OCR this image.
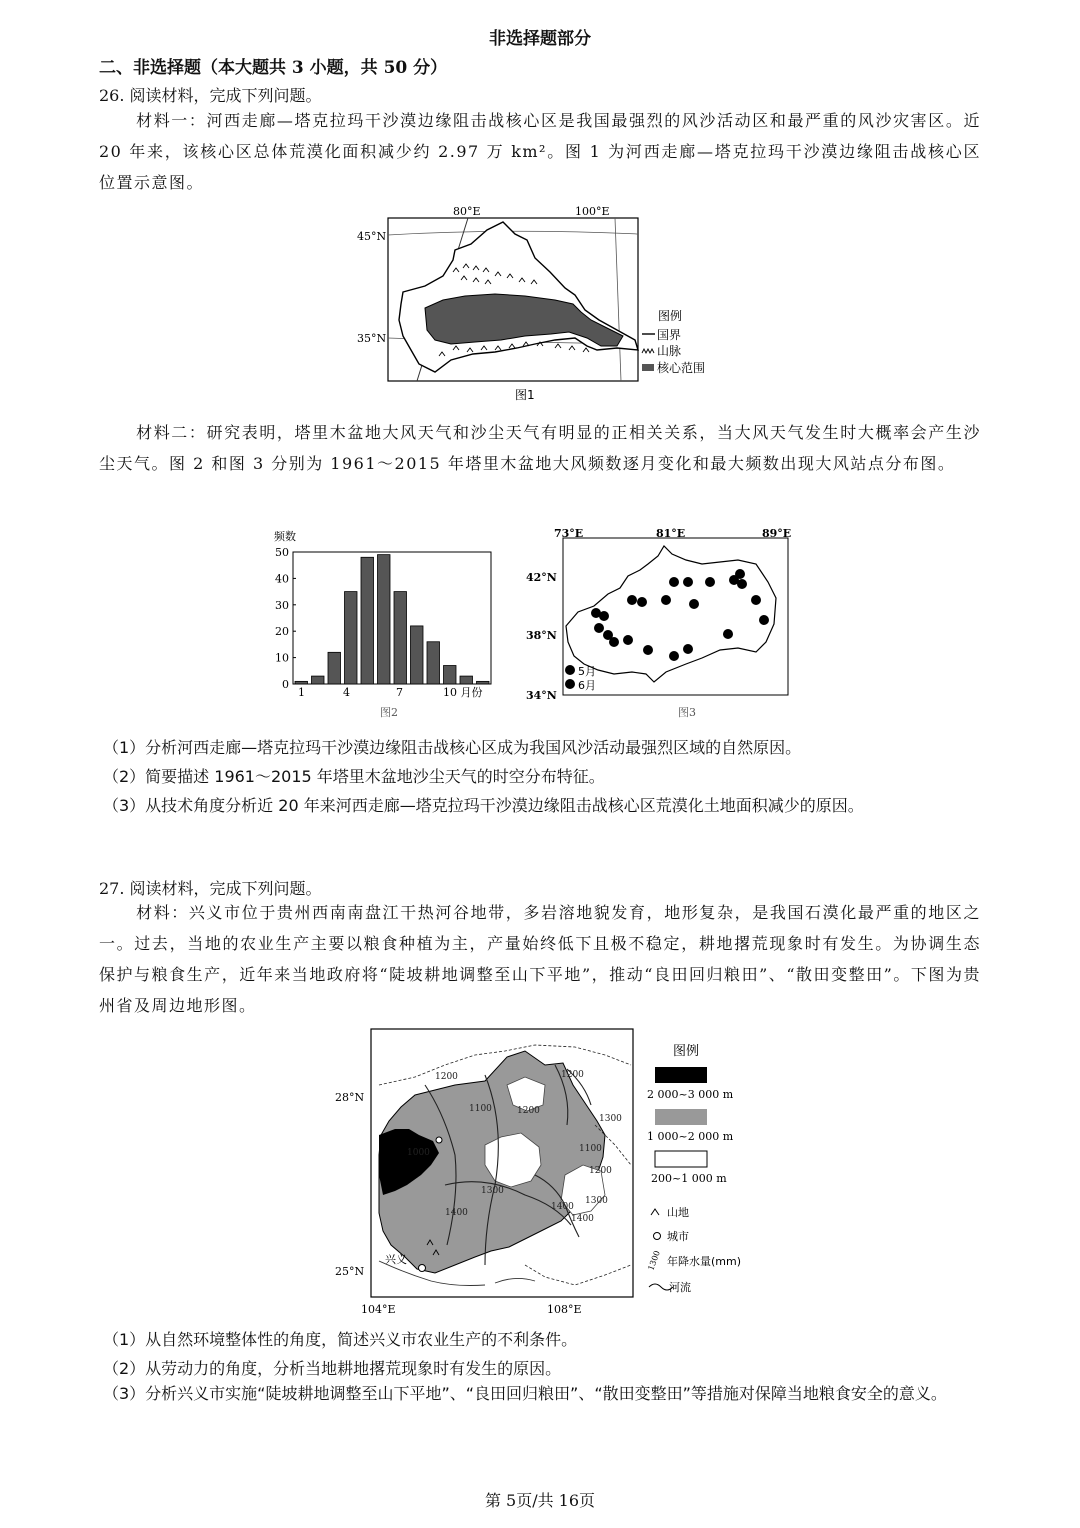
非选择题部分
二、非选择题（本大题共 3 小题，共 50 分）
26. 阅读材料，完成下列问题。
材料一：河西走廊—塔克拉玛干沙漠边缘阻击战核心区是我国最强烈的风沙活动区和最严重的风沙灾害区。近 20 年来，该核心区总体荒漠化面积减少约 2.97 万 km²。图 1 为河西走廊—塔克拉玛干沙漠边缘阻击战核心区位置示意图。
80°E	100°E
45°N
35°N
图例
国界
山脉
核心范围
图1
材料二：研究表明，塔里木盆地大风天气和沙尘天气有明显的正相关关系，当大风天气发生时大概率会产生沙尘天气。图 2 和图 3 分别为 1961～2015 年塔里木盆地大风频数逐月变化和最大频数出现大风站点分布图。
频数
0
10
20
30
40
50
1	4	7	10 月份
图2
73°E	81°E	89°E
42°N
38°N
34°N
5月
6月
图3
（1）分析河西走廊—塔克拉玛干沙漠边缘阻击战核心区成为我国风沙活动最强烈区域的自然原因。
（2）简要描述 1961～2015 年塔里木盆地沙尘天气的时空分布特征。
（3）从技术角度分析近 20 年来河西走廊—塔克拉玛干沙漠边缘阻击战核心区荒漠化土地面积减少的原因。
27. 阅读材料，完成下列问题。
材料：兴义市位于贵州西南南盘江干热河谷地带，多岩溶地貌发育，地形复杂，是我国石漠化最严重的地区之一。过去，当地的农业生产主要以粮食种植为主，产量始终低下且极不稳定，耕地撂荒现象时有发生。为协调生态保护与粮食生产，近年来当地政府将“陡坡耕地调整至山下平地”，推动“良田回归粮田”、“散田变整田”。下图为贵州省及周边地形图。
兴义
1200
1100
1200
1200
1300
1100
1200
1000
1300
1400
1400
1400
1300
28°N
25°N
104°E	108°E
图例
2 000~3 000 m
1 000~2 000 m
200~1 000 m
山地
城市
1300 年降水量(mm)
河流
（1）从自然环境整体性的角度，简述兴义市农业生产的不利条件。
（2）从劳动力的角度，分析当地耕地撂荒现象时有发生的原因。
（3）分析兴义市实施“陡坡耕地调整至山下平地”、“良田回归粮田”、“散田变整田”等措施对保障当地粮食安全的意义。
第 5页/共 16页
